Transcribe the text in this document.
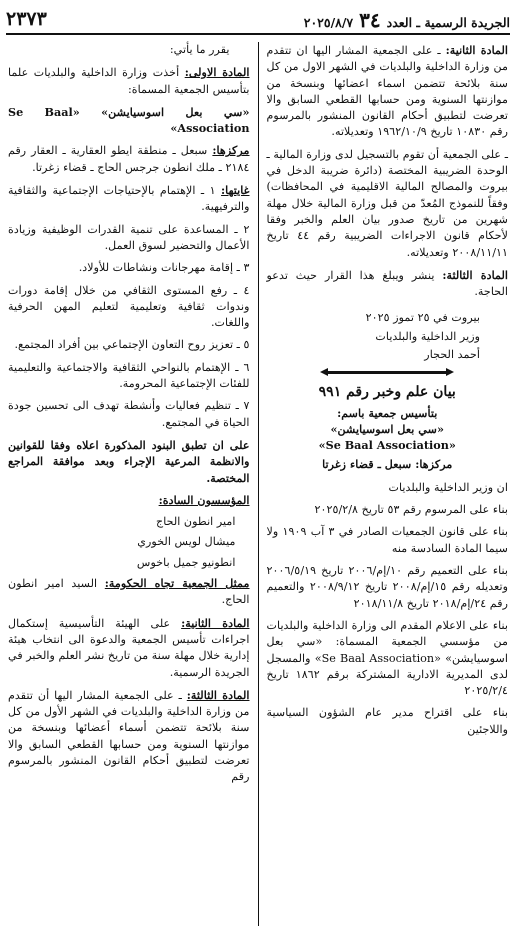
الجريدة الرسمية ـ العدد
٣٤
٢٠٢٥/٨/٧
٢٣٧٣

المادة الثانية: ـ على الجمعية المشار اليها ان تتقدم من وزارة الداخلية والبلديات في الشهر الاول من كل سنة بلائحة تتضمن اسماء اعضائها وبنسخة من موازنتها السنوية ومن حسابها القطعي السابق والا تعرضت لتطبيق أحكام القانون المنشور بالمرسوم رقم ١٠٨٣٠ تاريخ ١٩٦٢/١٠/٩ وتعديلاته.

ـ على الجمعية أن تقوم بالتسجيل لدى وزارة المالية ـ الوحدة الضريبية المختصة (دائرة ضريبة الدخل في بيروت والمصالح المالية الاقليمية في المحافظات) وفقاً للنموذج المُعدّ من قبل وزارة المالية خلال مهلة شهرين من تاريخ صدور بيان العلم والخبر وفقا لأحكام قانون الاجراءات الضريبية رقم ٤٤ تاريخ ٢٠٠٨/١١/١١ وتعديلاته.

المادة الثالثة: ينشر ويبلغ هذا القرار حيث تدعو الحاجة.

بيروت في ٢٥ تموز ٢٠٢٥

وزير الداخلية والبلديات

أحمد الحجار

بيان علم وخبر رقم ٩٩١

بتأسيس جمعية باسم:

«سي بعل اسوسيايشن»

«Se Baal Association»

مركزها: سبعل ـ قضاء زغرتا

ان وزير الداخلية والبلديات

بناء على المرسوم رقم ٥٣ تاريخ ٢٠٢٥/٢/٨

بناء على قانون الجمعيات الصادر في ٣ آب ١٩٠٩ ولا سيما المادة السادسة منه

بناء على التعميم رقم ١٠/إم/٢٠٠٦ تاريخ ٢٠٠٦/٥/١٩ وتعديله رقم ١٥/إم/٢٠٠٨ تاريخ ٢٠٠٨/٩/١٢ والتعميم رقم ٢٤/إم/٢٠١٨ تاريخ ٢٠١٨/١١/٨

بناء على الاعلام المقدم الى وزارة الداخلية والبلديات من مؤسسي الجمعية المسماة: «سي بعل اسوسيايشن» «Se Baal Association» والمسجل لدى المديرية الادارية المشتركة برقم ١٨٦٢ تاريخ ٢٠٢٥/٢/٤

بناء على اقتراح مدير عام الشؤون السياسية واللاجئين

يقرر ما يأتي:

المادة الاولى: أخذت وزارة الداخلية والبلديات علما بتأسيس الجمعية المسماة:

«سي بعل اسوسيايشن» «Se Baal Association»

مركزها: سبعل ـ منطقة ايطو العقارية ـ العقار رقم ٢١٨٤ ـ ملك انطون جرجس الحاج ـ قضاء زغرتا.

غايتها: ١ ـ الإهتمام بالإحتياجات الإجتماعية والثقافية والترفيهية.

٢ ـ المساعدة على تنمية القدرات الوظيفية وزيادة الأعمال والتحضير لسوق العمل.

٣ ـ إقامة مهرجانات ونشاطات للأولاد.

٤ ـ رفع المستوى الثقافي من خلال إقامة دورات وندوات ثقافية وتعليمية لتعليم المهن الحرفية واللغات.

٥ ـ تعزيز روح التعاون الإجتماعي بين أفراد المجتمع.

٦ ـ الإهتمام بالنواحي الثقافية والاجتماعية والتعليمية للفئات الإجتماعية المحرومة.

٧ ـ تنظيم فعاليات وأنشطة تهدف الى تحسين جودة الحياة في المجتمع.

على ان تطبق البنود المذكورة اعلاه وفقا للقوانين والانظمة المرعية الإجراء وبعد موافقة المراجع المختصة.

المؤسسون السادة:

امير انطون الحاج

ميشال لويس الخوري

انطونيو جميل باخوس

ممثل الجمعية تجاه الحكومة: السيد امير انطون الحاج.

المادة الثانية: على الهيئة التأسيسية إستكمال اجراءات تأسيس الجمعية والدعوة الى انتخاب هيئة إدارية خلال مهلة سنة من تاريخ نشر العلم والخبر في الجريدة الرسمية.

المادة الثالثة: ـ على الجمعية المشار اليها أن تتقدم من وزارة الداخلية والبلديات في الشهر الأول من كل سنة بلائحة تتضمن أسماء أعضائها وبنسخة من موازنتها السنوية ومن حسابها القطعي السابق والا تعرضت لتطبيق أحكام القانون المنشور بالمرسوم رقم
